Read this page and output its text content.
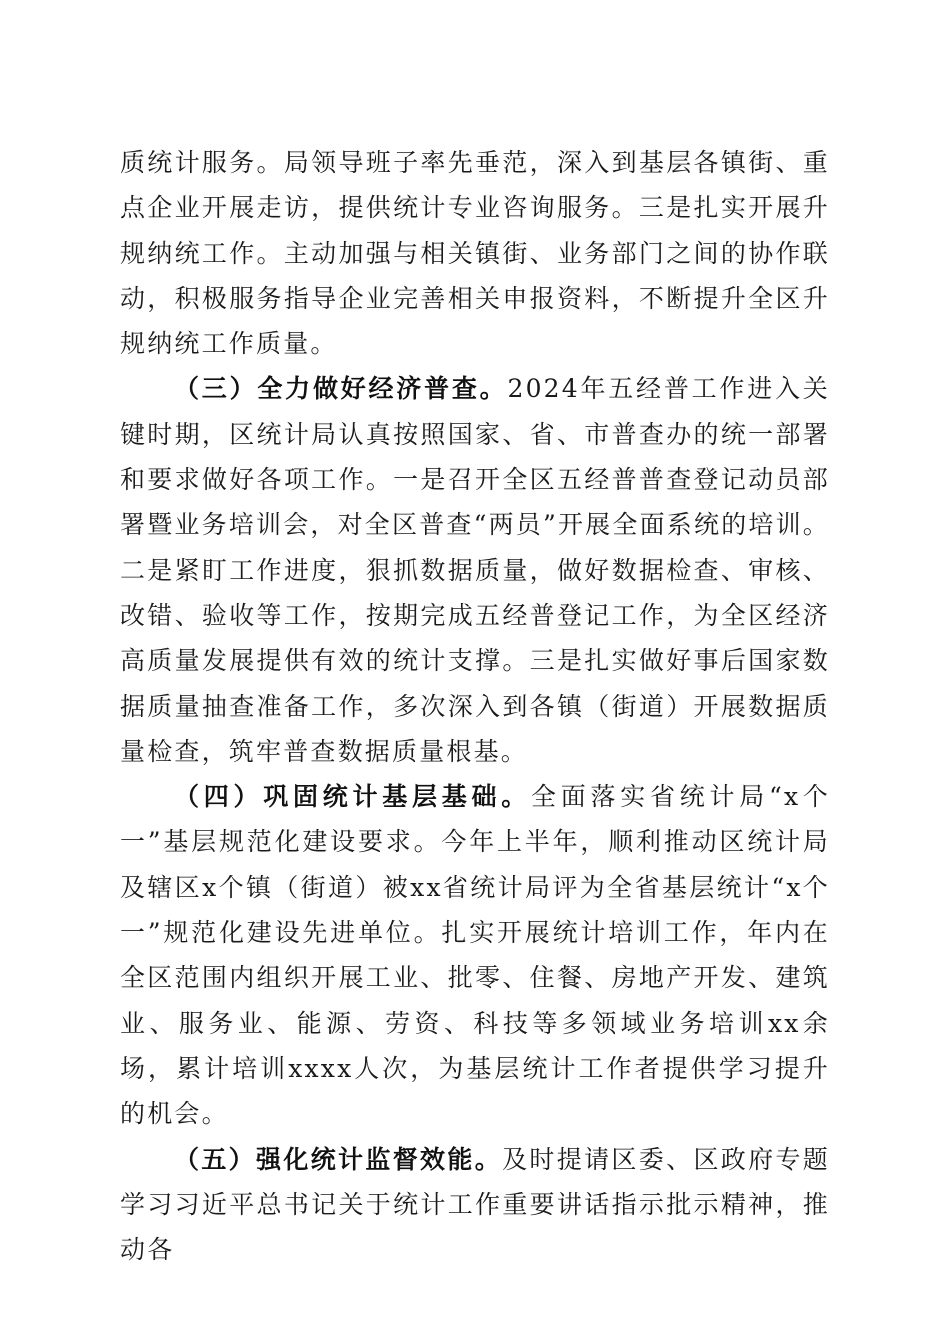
质统计服务。局领导班子率先垂范，深入到基层各镇街、重点企业开展走访，提供统计专业咨询服务。三是扎实开展升规纳统工作。主动加强与相关镇街、业务部门之间的协作联动，积极服务指导企业完善相关申报资料，不断提升全区升规纳统工作质量。

（三）全力做好经济普查。2024年五经普工作进入关键时期，区统计局认真按照国家、省、市普查办的统一部署和要求做好各项工作。一是召开全区五经普普查登记动员部署暨业务培训会，对全区普查“两员”开展全面系统的培训。二是紧盯工作进度，狠抓数据质量，做好数据检查、审核、改错、验收等工作，按期完成五经普登记工作，为全区经济高质量发展提供有效的统计支撑。三是扎实做好事后国家数据质量抽查准备工作，多次深入到各镇（街道）开展数据质量检查，筑牢普查数据质量根基。

（四）巩固统计基层基础。全面落实省统计局“x个一”基层规范化建设要求。今年上半年，顺利推动区统计局及辖区x个镇（街道）被xx省统计局评为全省基层统计“x个一”规范化建设先进单位。扎实开展统计培训工作，年内在全区范围内组织开展工业、批零、住餐、房地产开发、建筑业、服务业、能源、劳资、科技等多领域业务培训xx余场，累计培训xxxx人次，为基层统计工作者提供学习提升的机会。

（五）强化统计监督效能。及时提请区委、区政府专题学习习近平总书记关于统计工作重要讲话指示批示精神，推动各
